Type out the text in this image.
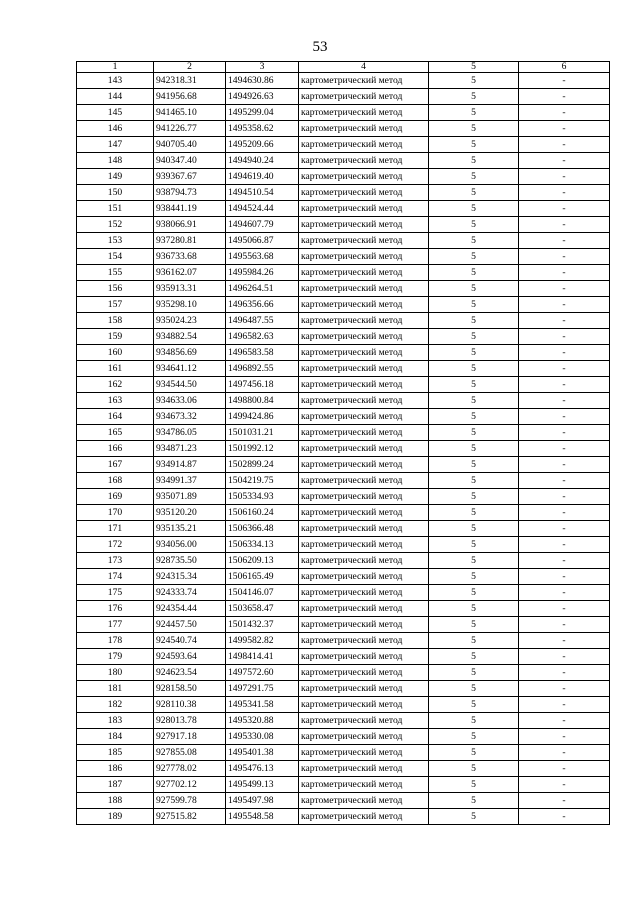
53
1	2	3	4	5	6
143	942318.31	1494630.86	картометрический метод	5	-
144	941956.68	1494926.63	картометрический метод	5	-
145	941465.10	1495299.04	картометрический метод	5	-
146	941226.77	1495358.62	картометрический метод	5	-
147	940705.40	1495209.66	картометрический метод	5	-
148	940347.40	1494940.24	картометрический метод	5	-
149	939367.67	1494619.40	картометрический метод	5	-
150	938794.73	1494510.54	картометрический метод	5	-
151	938441.19	1494524.44	картометрический метод	5	-
152	938066.91	1494607.79	картометрический метод	5	-
153	937280.81	1495066.87	картометрический метод	5	-
154	936733.68	1495563.68	картометрический метод	5	-
155	936162.07	1495984.26	картометрический метод	5	-
156	935913.31	1496264.51	картометрический метод	5	-
157	935298.10	1496356.66	картометрический метод	5	-
158	935024.23	1496487.55	картометрический метод	5	-
159	934882.54	1496582.63	картометрический метод	5	-
160	934856.69	1496583.58	картометрический метод	5	-
161	934641.12	1496892.55	картометрический метод	5	-
162	934544.50	1497456.18	картометрический метод	5	-
163	934633.06	1498800.84	картометрический метод	5	-
164	934673.32	1499424.86	картометрический метод	5	-
165	934786.05	1501031.21	картометрический метод	5	-
166	934871.23	1501992.12	картометрический метод	5	-
167	934914.87	1502899.24	картометрический метод	5	-
168	934991.37	1504219.75	картометрический метод	5	-
169	935071.89	1505334.93	картометрический метод	5	-
170	935120.20	1506160.24	картометрический метод	5	-
171	935135.21	1506366.48	картометрический метод	5	-
172	934056.00	1506334.13	картометрический метод	5	-
173	928735.50	1506209.13	картометрический метод	5	-
174	924315.34	1506165.49	картометрический метод	5	-
175	924333.74	1504146.07	картометрический метод	5	-
176	924354.44	1503658.47	картометрический метод	5	-
177	924457.50	1501432.37	картометрический метод	5	-
178	924540.74	1499582.82	картометрический метод	5	-
179	924593.64	1498414.41	картометрический метод	5	-
180	924623.54	1497572.60	картометрический метод	5	-
181	928158.50	1497291.75	картометрический метод	5	-
182	928110.38	1495341.58	картометрический метод	5	-
183	928013.78	1495320.88	картометрический метод	5	-
184	927917.18	1495330.08	картометрический метод	5	-
185	927855.08	1495401.38	картометрический метод	5	-
186	927778.02	1495476.13	картометрический метод	5	-
187	927702.12	1495499.13	картометрический метод	5	-
188	927599.78	1495497.98	картометрический метод	5	-
189	927515.82	1495548.58	картометрический метод	5	-
